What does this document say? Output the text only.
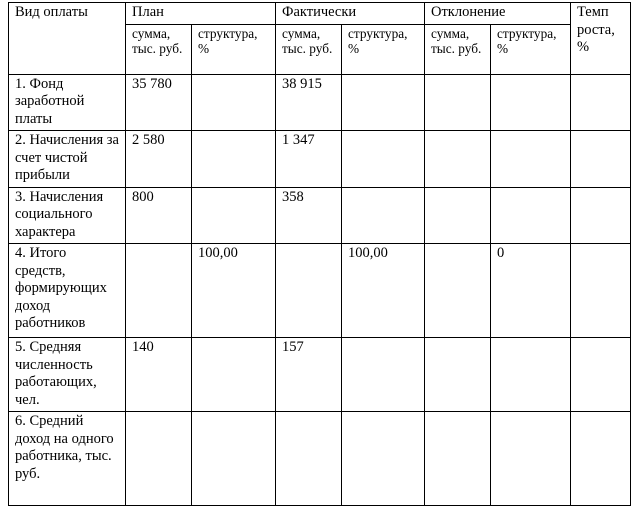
Вид оплаты	План		Фактически		Отклонение		Темп роста, %
	сумма, тыс. руб.	структура, %	сумма, тыс. руб.	структура, %	сумма, тыс. руб.	структура, %	
1. Фонд заработной платы	35 780		38 915				
2. Начисления за счет чистой прибыли	2 580		1 347				
3. Начисления социального характера	800		358				
4. Итого средств, формирующих доход работников		100,00		100,00		0	
5. Средняя численность работающих, чел.	140		157				
6. Средний доход на одного работника, тыс. руб.							
